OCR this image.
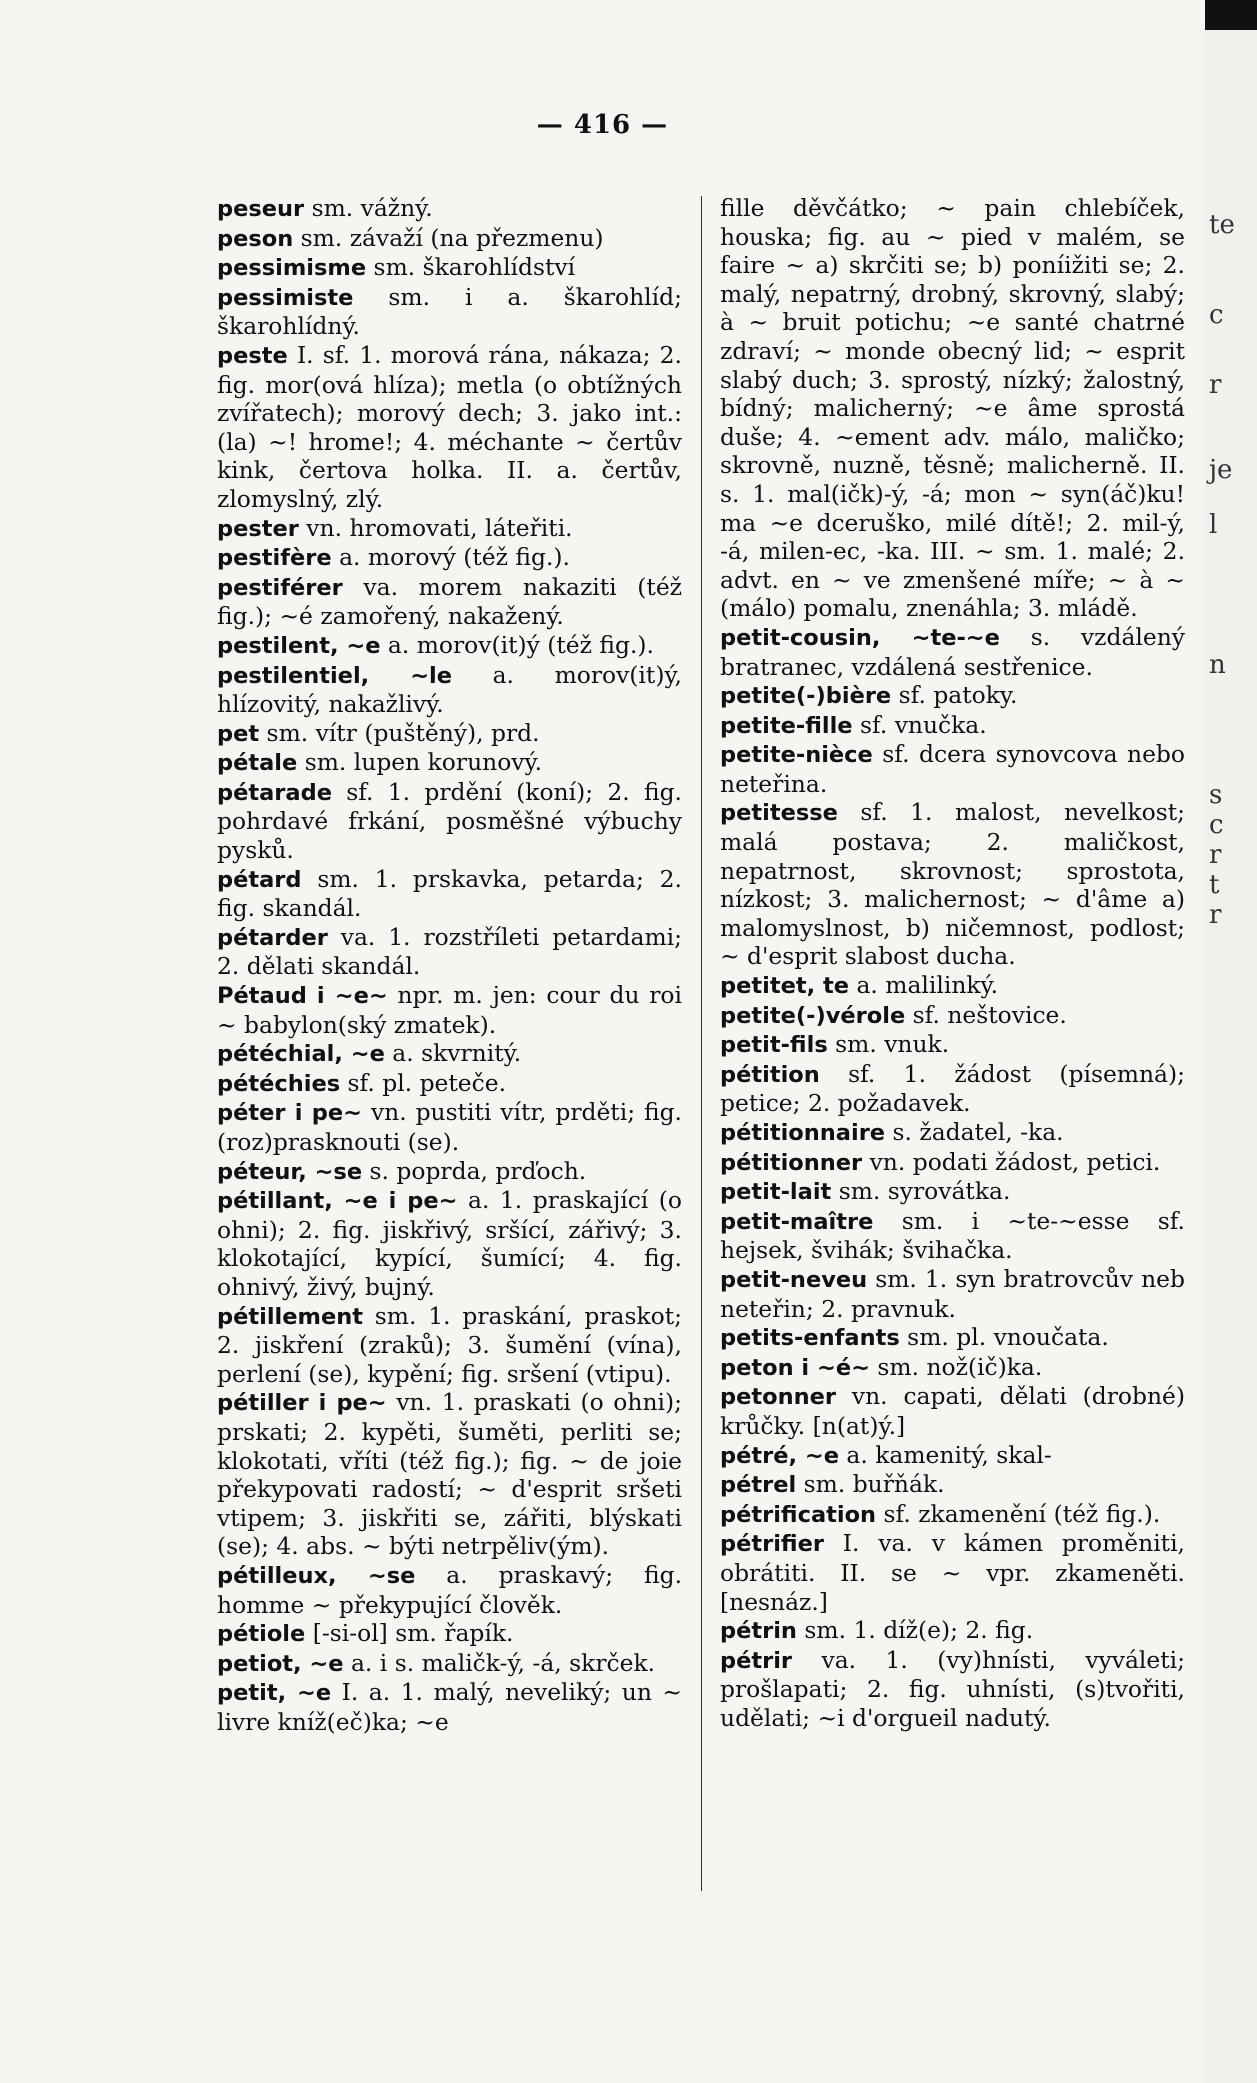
— 416 —

peseur sm. vážný.

peson sm. závaží (na přezmenu)

pessimisme sm. škarohlídství

pessimiste sm. i a. škarohlíd; škarohlídný.

peste I. sf. 1. morová rána, nákaza; 2. fig. mor(ová hlíza); metla (o obtížných zvířatech); morový dech; 3. jako int.: (la) ~! hrome!; 4. méchante ~ čertův kink, čertova holka. II. a. čertův, zlomyslný, zlý.

pester vn. hromovati, láteřiti.

pestifère a. morový (též fig.).

pestiférer va. morem nakaziti (též fig.); ~é zamořený, nakažený.

pestilent, ~e a. morov(it)ý (též fig.).

pestilentiel, ~le a. morov(it)ý, hlízovitý, nakažlivý.

pet sm. vítr (puštěný), prd.

pétale sm. lupen korunový.

pétarade sf. 1. prdění (koní); 2. fig. pohrdavé frkání, posměšné výbuchy pysků.

pétard sm. 1. prskavka, petarda; 2. fig. skandál.

pétarder va. 1. rozstříleti petardami; 2. dělati skandál.

Pétaud i ~e~ npr. m. jen: cour du roi ~ babylon(ský zmatek).

pétéchial, ~e a. skvrnitý.

pétéchies sf. pl. peteče.

péter i pe~ vn. pustiti vítr, prděti; fig. (roz)prasknouti (se).

péteur, ~se s. poprda, prďoch.

pétillant, ~e i pe~ a. 1. praskající (o ohni); 2. fig. jiskřivý, sršící, zářivý; 3. klokotající, kypící, šumící; 4. fig. ohnivý, živý, bujný.

pétillement sm. 1. praskání, praskot; 2. jiskření (zraků); 3. šumění (vína), perlení (se), kypění; fig. sršení (vtipu).

pétiller i pe~ vn. 1. praskati (o ohni); prskati; 2. kypěti, šuměti, perliti se; klokotati, vříti (též fig.); fig. ~ de joie překypovati radostí; ~ d'esprit sršeti vtipem; 3. jiskřiti se, zářiti, blýskati (se); 4. abs. ~ býti netrpěliv(ým).

pétilleux, ~se a. praskavý; fig. homme ~ překypující člověk.

pétiole [-si-ol] sm. řapík.

petiot, ~e a. i s. maličk-ý, -á, skrček.

petit, ~e I. a. 1. malý, neveliký; un ~ livre kníž(eč)ka; ~e

fille děvčátko; ~ pain chlebíček, houska; fig. au ~ pied v malém, se faire ~ a) skrčiti se; b) poníižiti se; 2. malý, nepatrný, drobný, skrovný, slabý; à ~ bruit potichu; ~e santé chatrné zdraví; ~ monde obecný lid; ~ esprit slabý duch; 3. sprostý, nízký; žalostný, bídný; malicherný; ~e âme sprostá duše; 4. ~ement adv. málo, maličko; skrovně, nuzně, těsně; malicherně. II. s. 1. mal(ičk)-ý, -á; mon ~ syn(áč)ku! ma ~e dceruško, milé dítě!; 2. mil-ý, -á, milen-ec, -ka. III. ~ sm. 1. malé; 2. advt. en ~ ve zmenšené míře; ~ à ~ (málo) pomalu, znenáhla; 3. mládě.

petit-cousin, ~te-~e s. vzdálený bratranec, vzdálená sestřenice.

petite(-)bière sf. patoky.

petite-fille sf. vnučka.

petite-nièce sf. dcera synovcova nebo neteřina.

petitesse sf. 1. malost, nevelkost; malá postava; 2. maličkost, nepatrnost, skrovnost; sprostota, nízkost; 3. malichernost; ~ d'âme a) malomyslnost, b) ničemnost, podlost; ~ d'esprit slabost ducha.

petitet, te a. malilinký.

petite(-)vérole sf. neštovice.

petit-fils sm. vnuk.

pétition sf. 1. žádost (písemná); petice; 2. požadavek.

pétitionnaire s. žadatel, -ka.

pétitionner vn. podati žádost, petici.

petit-lait sm. syrovátka.

petit-maître sm. i ~te-~esse sf. hejsek, švihák; švihačka.

petit-neveu sm. 1. syn bratrovcův neb neteřin; 2. pravnuk.

petits-enfants sm. pl. vnoučata.

peton i ~é~ sm. nož(ič)ka.

petonner vn. capati, dělati (drobné) krůčky. [n(at)ý.]

pétré, ~e a. kamenitý, skal-

pétrel sm. buřňák.

pétrification sf. zkamenění (též fig.).

pétrifier I. va. v kámen proměniti, obrátiti. II. se ~ vpr. zkameněti. [nesnáz.]

pétrin sm. 1. díž(e); 2. fig.

pétrir va. 1. (vy)hnísti, vyváleti; prošlapati; 2. fig. uhnísti, (s)tvořiti, udělati; ~i d'orgueil nadutý.

te
c
r
je
l
n
s
c
r
t
r
